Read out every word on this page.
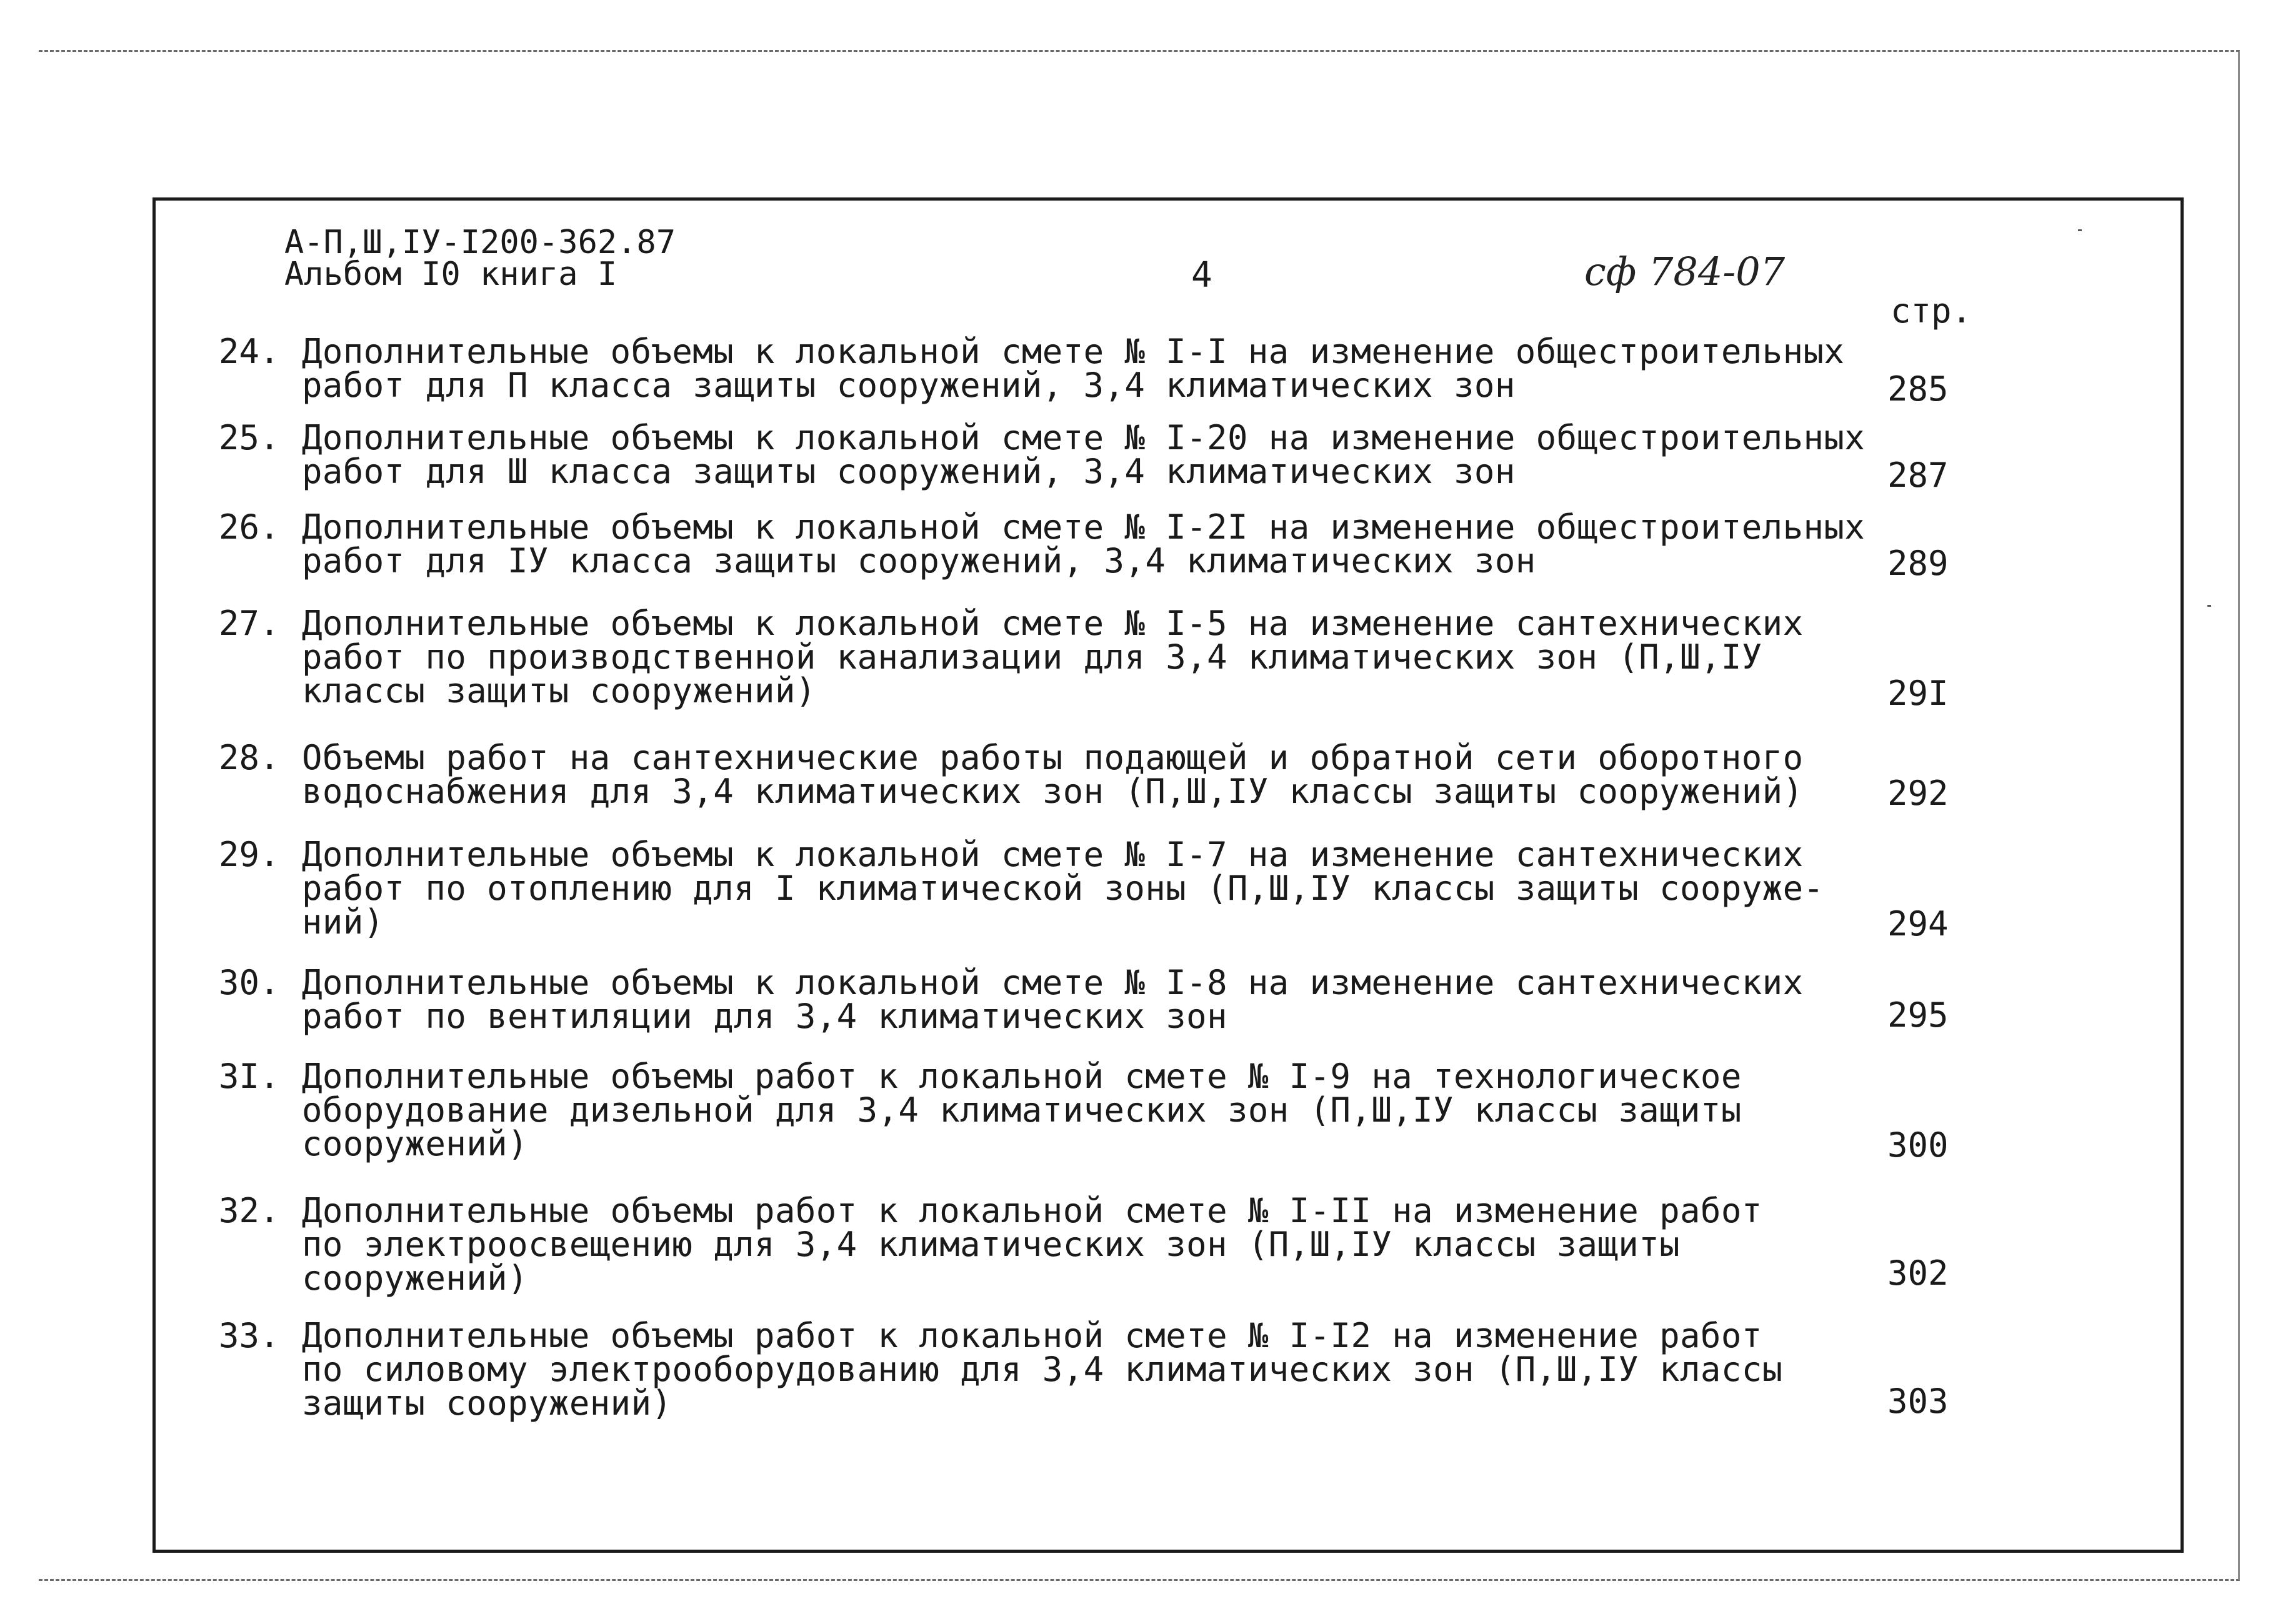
А-П,Ш,ІУ-І200-362.87
Альбом I0 книга I	4	сф 784-07
стр.
24. Дополнительные объемы к локальной смете № I-I на изменение общестроительных
работ для П класса защиты сооружений, 3,4 климатических зон	285
25. Дополнительные объемы к локальной смете № I-20 на изменение общестроительных
работ для Ш класса защиты сооружений, 3,4 климатических зон	287
26. Дополнительные объемы к локальной смете № I-2I на изменение общестроительных
работ для ІУ класса защиты сооружений, 3,4 климатических зон	289
27. Дополнительные объемы к локальной смете № I-5 на изменение сантехнических
работ по производственной канализации для 3,4 климатических зон (П,Ш,ІУ
классы защиты сооружений)	29I
28. Объемы работ на сантехнические работы подающей и обратной сети оборотного
водоснабжения для 3,4 климатических зон (П,Ш,ІУ классы защиты сооружений) 292
29. Дополнительные объемы к локальной смете № I-7 на изменение сантехнических
работ по отоплению для I климатической зоны (П,Ш,ІУ классы защиты сооруже-
ний)	294
30. Дополнительные объемы к локальной смете № I-8 на изменение сантехнических
работ по вентиляции для 3,4 климатических зон	295
3I. Дополнительные объемы работ к локальной смете № I-9 на технологическое
оборудование дизельной для 3,4 климатических зон (П,Ш,ІУ классы защиты
сооружений)	300
32. Дополнительные объемы работ к локальной смете № I-II на изменение работ
по электроосвещению для 3,4 климатических зон (П,Ш,ІУ классы защиты
сооружений)	302
33. Дополнительные объемы работ к локальной смете № I-I2 на изменение работ
по силовому электрооборудованию для 3,4 климатических зон (П,Ш,ІУ классы
защиты сооружений)	303
